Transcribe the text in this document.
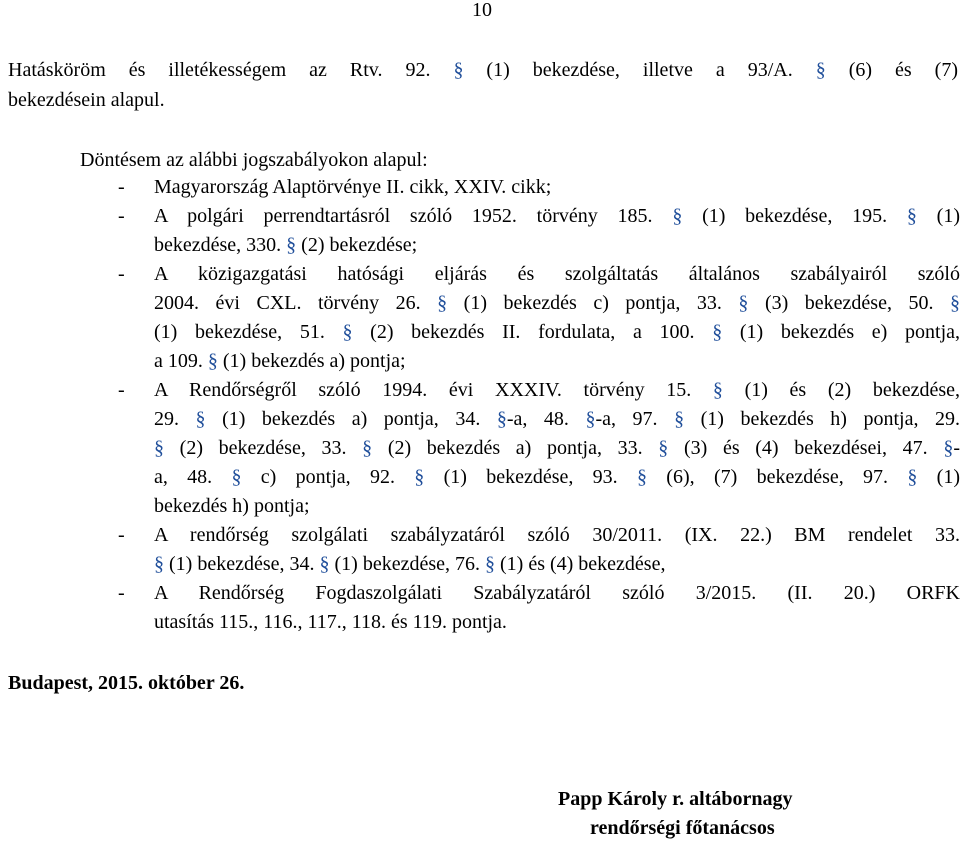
10
Hatásköröm és illetékességem az Rtv. 92. § (1) bekezdése, illetve a 93/A. § (6) és (7)
bekezdésein alapul.
Döntésem az alábbi jogszabályokon alapul:
- Magyarország Alaptörvénye II. cikk, XXIV. cikk;
- A polgári perrendtartásról szóló 1952. törvény 185. § (1) bekezdése, 195. § (1)
bekezdése, 330. § (2) bekezdése;
- A közigazgatási hatósági eljárás és szolgáltatás általános szabályairól szóló
2004. évi CXL. törvény 26. § (1) bekezdés c) pontja, 33. § (3) bekezdése, 50. §
(1) bekezdése, 51. § (2) bekezdés II. fordulata, a 100. § (1) bekezdés e) pontja,
a 109. § (1) bekezdés a) pontja;
- A Rendőrségről szóló 1994. évi XXXIV. törvény 15. § (1) és (2) bekezdése,
29. § (1) bekezdés a) pontja, 34. §-a, 48. §-a, 97. § (1) bekezdés h) pontja, 29.
§ (2) bekezdése, 33. § (2) bekezdés a) pontja, 33. § (3) és (4) bekezdései, 47. §-
a, 48. § c) pontja, 92. § (1) bekezdése, 93. § (6), (7) bekezdése, 97. § (1)
bekezdés h) pontja;
- A rendőrség szolgálati szabályzatáról szóló 30/2011. (IX. 22.) BM rendelet 33.
§ (1) bekezdése, 34. § (1) bekezdése, 76. § (1) és (4) bekezdése,
- A Rendőrség Fogdaszolgálati Szabályzatáról szóló 3/2015. (II. 20.) ORFK
utasítás 115., 116., 117., 118. és 119. pontja.
Budapest, 2015. október 26.
Papp Károly r. altábornagy
rendőrségi főtanácsos
